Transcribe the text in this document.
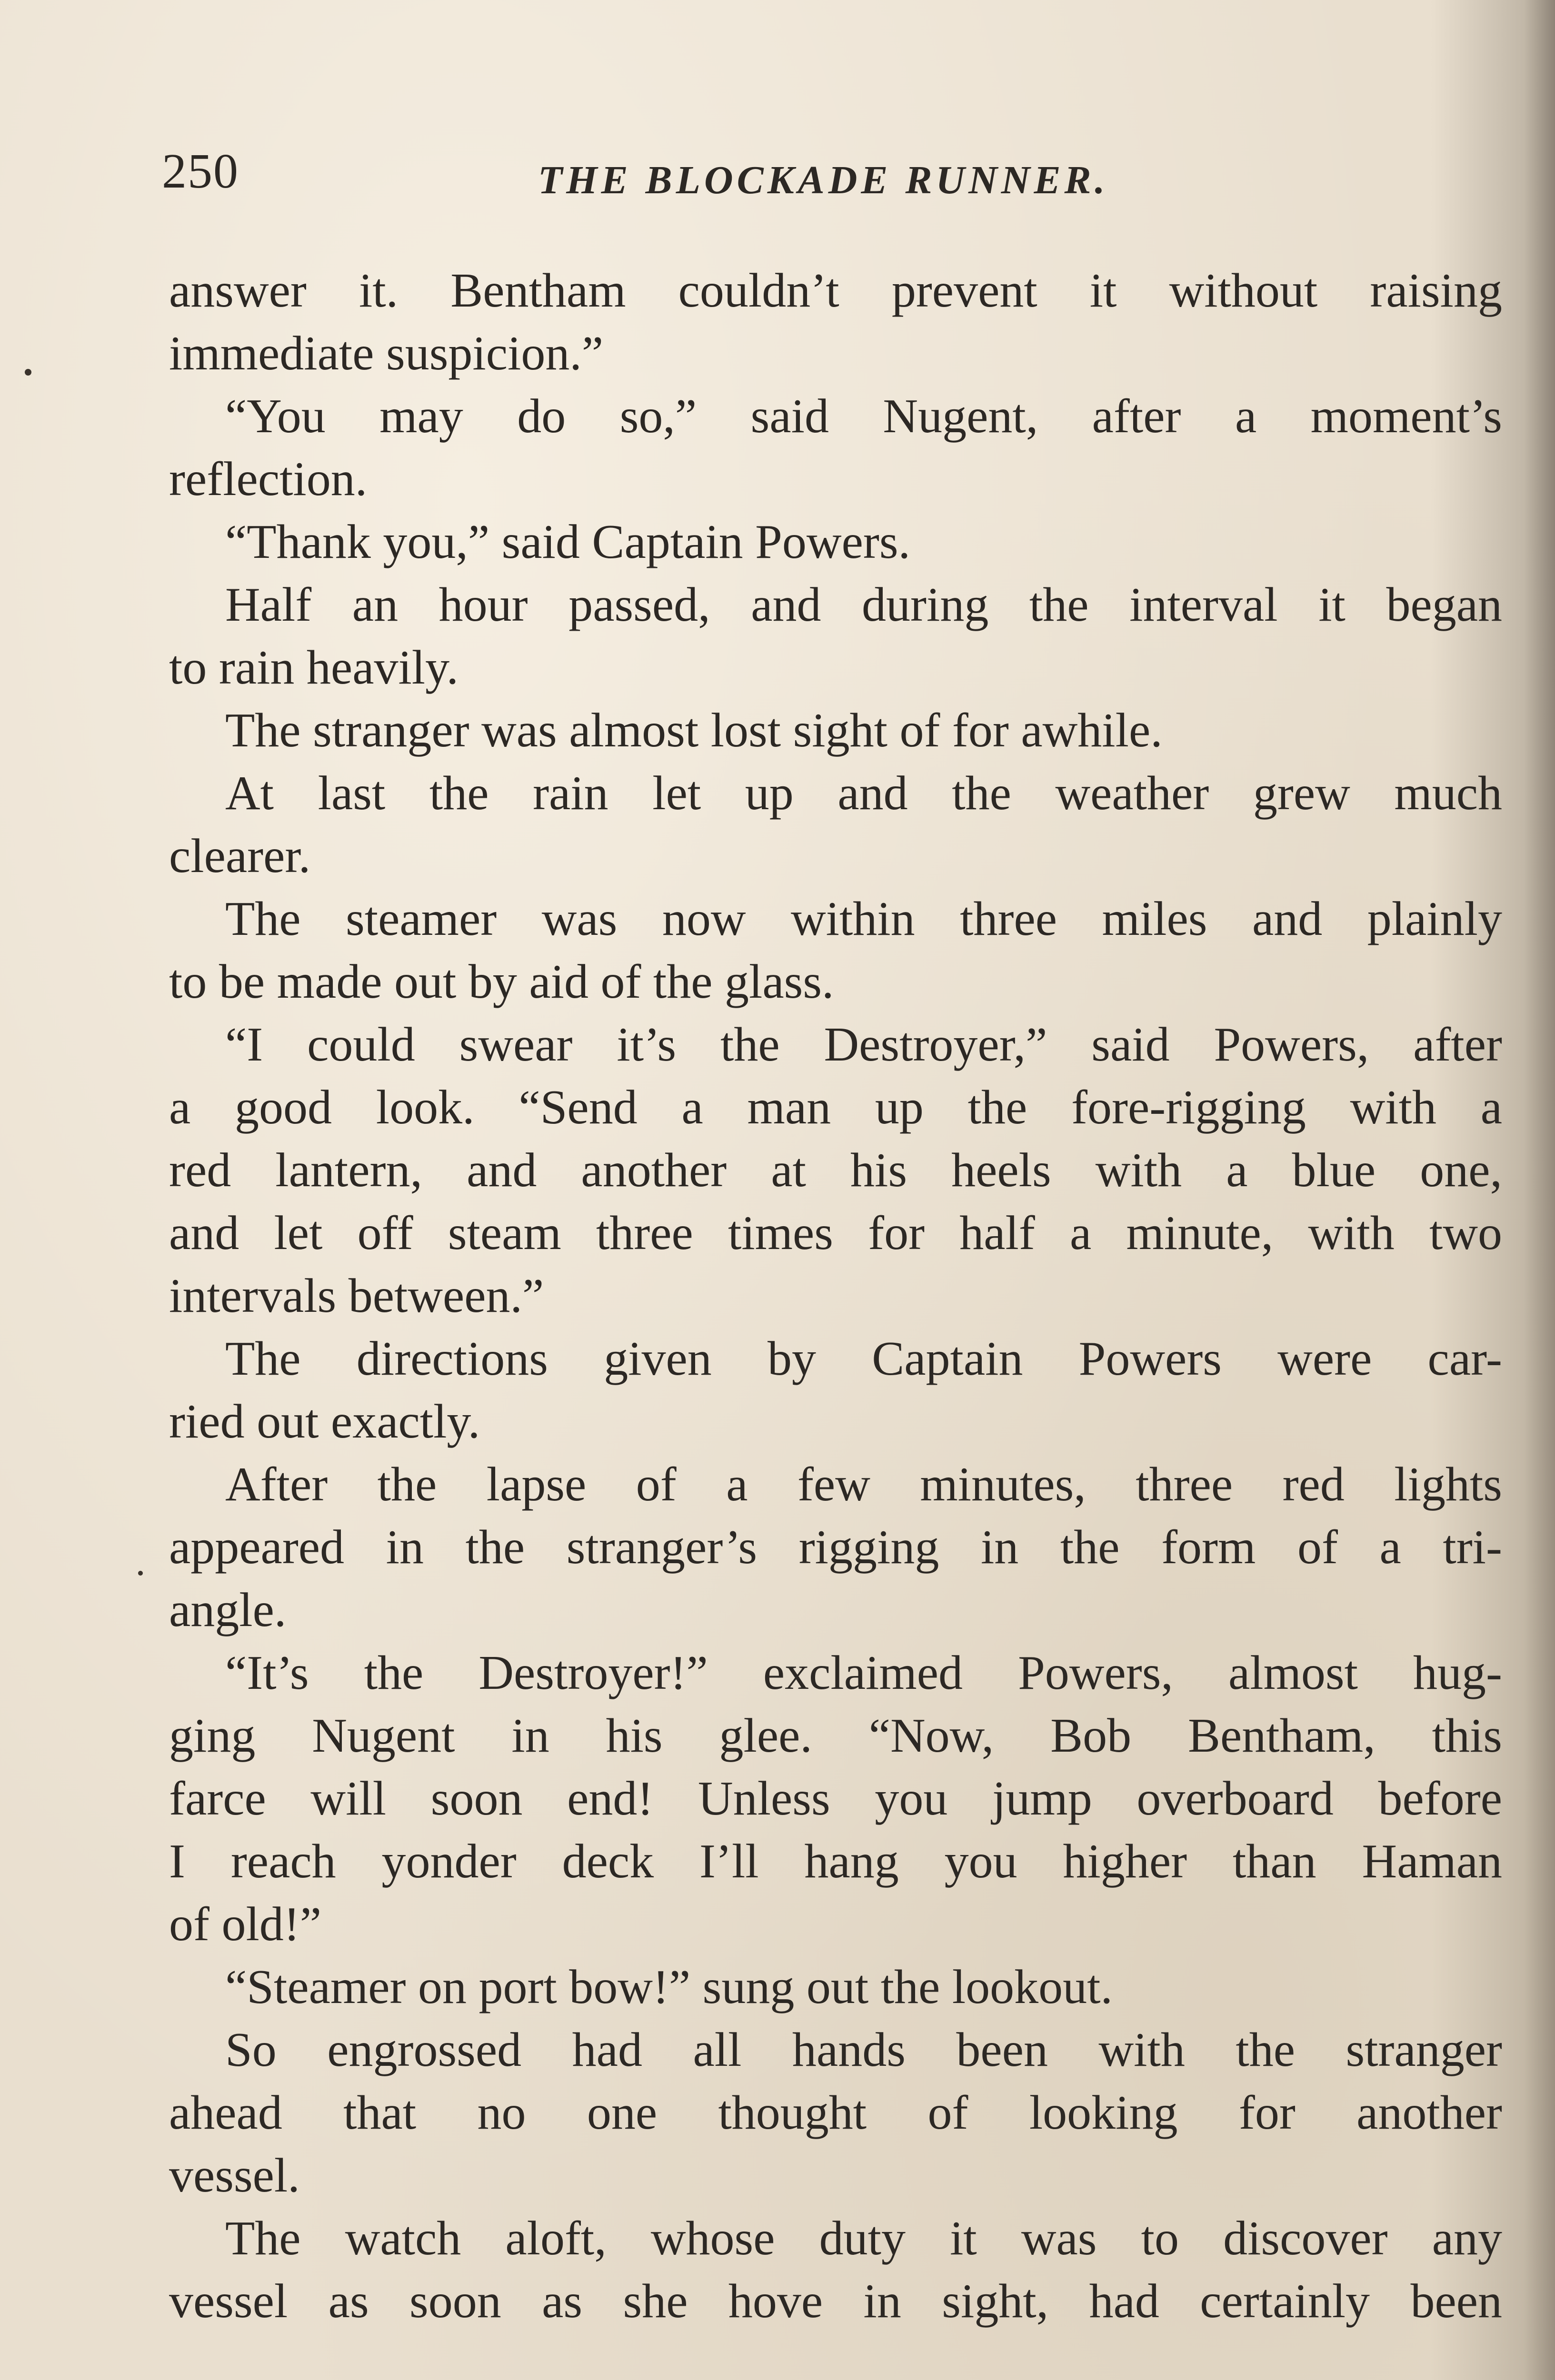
250	THE BLOCKADE RUNNER.
answer it. Bentham couldn’t prevent it without raising
immediate suspicion.”
“You may do so,” said Nugent, after a moment’s
reflection.
“Thank you,” said Captain Powers.
Half an hour passed, and during the interval it began
to rain heavily.
The stranger was almost lost sight of for awhile.
At last the rain let up and the weather grew much
clearer.
The steamer was now within three miles and plainly
to be made out by aid of the glass.
“I could swear it’s the Destroyer,” said Powers, after
a good look. “Send a man up the fore-rigging with a
red lantern, and another at his heels with a blue one,
and let off steam three times for half a minute, with two
intervals between.”
The directions given by Captain Powers were car-
ried out exactly.
After the lapse of a few minutes, three red lights
appeared in the stranger’s rigging in the form of a tri-
angle.
“It’s the Destroyer!” exclaimed Powers, almost hug-
ging Nugent in his glee. “Now, Bob Bentham, this
farce will soon end! Unless you jump overboard before
I reach yonder deck I’ll hang you higher than Haman
of old!”
“Steamer on port bow!” sung out the lookout.
So engrossed had all hands been with the stranger
ahead that no one thought of looking for another
vessel.
The watch aloft, whose duty it was to discover any
vessel as soon as she hove in sight, had certainly been
